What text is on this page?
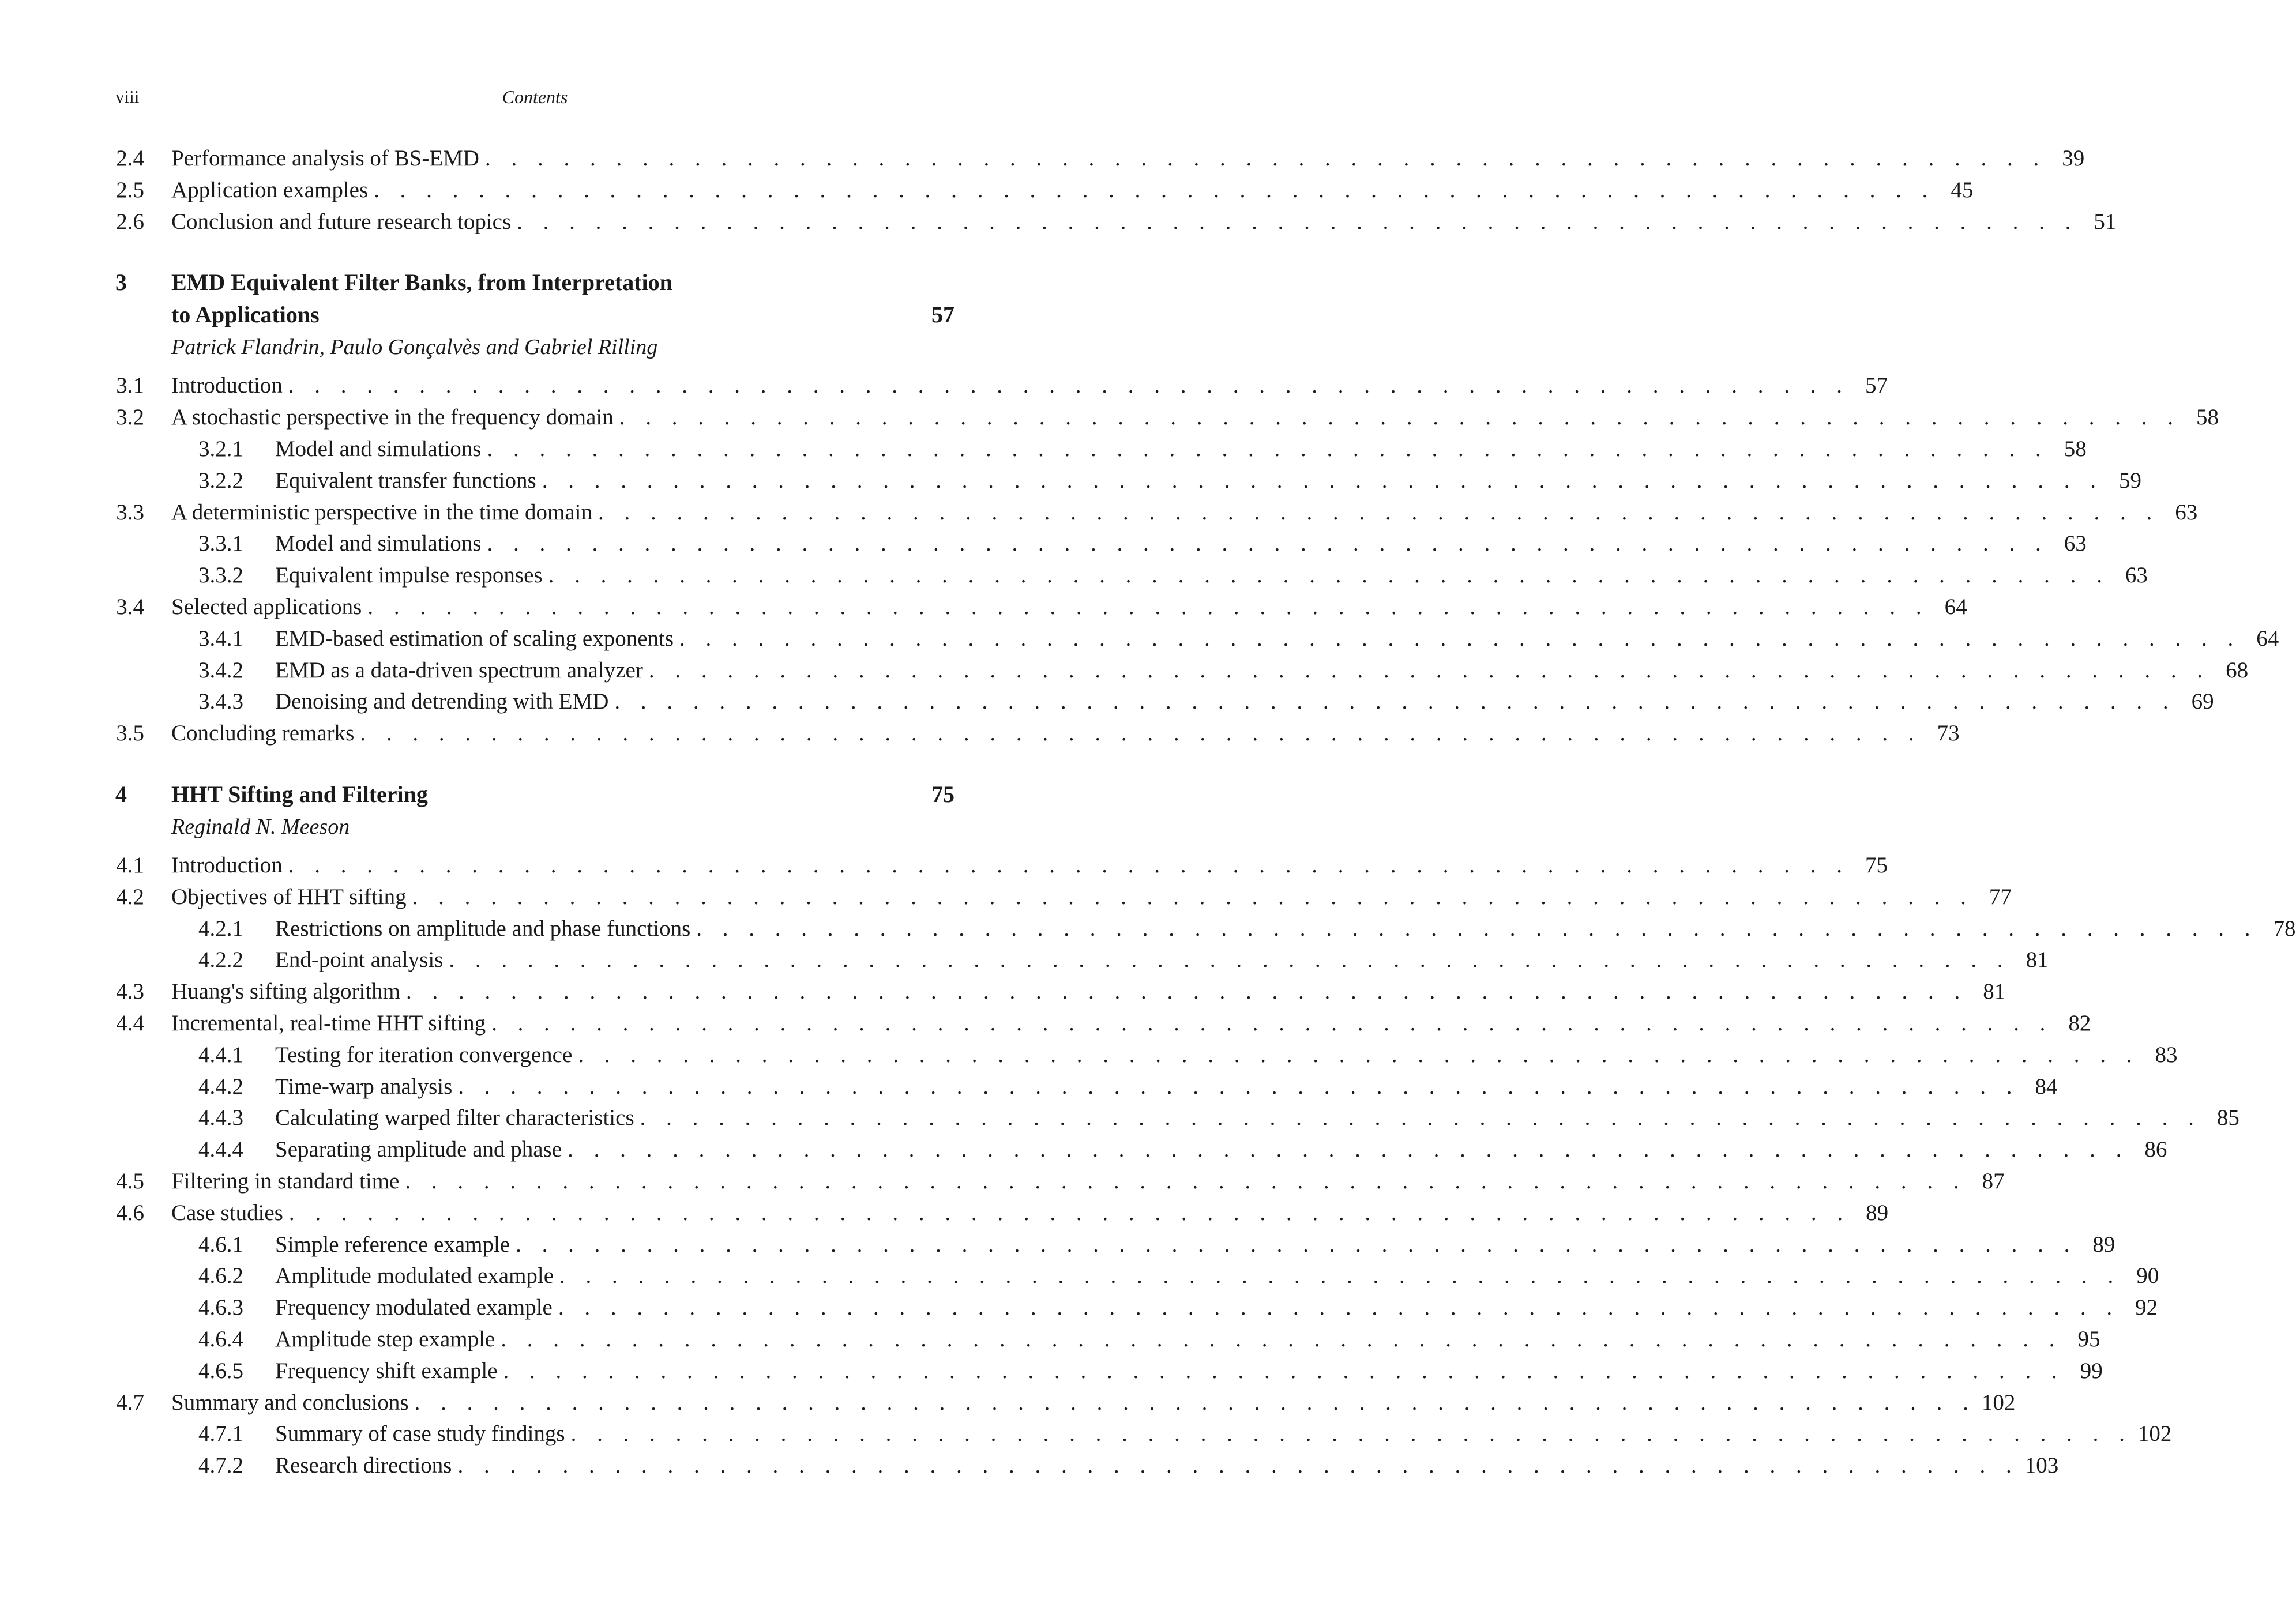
viii	Contents
2.4 Performance analysis of BS-EMD . . . . . . . . . . . . . . . . . . . . . . . . . . . . . . . . . . . . . . . . . . . . . . . . . . . . . . . . . . . . 39
2.5 Application examples . . . . . . . . . . . . . . . . . . . . . . . . . . . . . . . . . . . . . . . . . . . . . . . . . . . . . . . . . . . . 45
2.6 Conclusion and future research topics . . . . . . . . . . . . . . . . . . . . . . . . . . . . . . . . . . . . . . . . . . . . . . . . . . . . . . . . . . . . 51
3 EMD Equivalent Filter Banks, from Interpretation
to Applications	57
Patrick Flandrin, Paulo Gonçalvès and Gabriel Rilling
3.1 Introduction . . . . . . . . . . . . . . . . . . . . . . . . . . . . . . . . . . . . . . . . . . . . . . . . . . . . . . . . . . . . 57
3.2 A stochastic perspective in the frequency domain . . . . . . . . . . . . . . . . . . . . . . . . . . . . . . . . . . . . . . . . . . . . . . . . . . . . . . . . . . . . 58
3.2.1	Model and simulations . . . . . . . . . . . . . . . . . . . . . . . . . . . . . . . . . . . . . . . . . . . . . . . . . . . . . . . . . . . . 58
3.2.2	Equivalent transfer functions . . . . . . . . . . . . . . . . . . . . . . . . . . . . . . . . . . . . . . . . . . . . . . . . . . . . . . . . . . . . 59
3.3 A deterministic perspective in the time domain . . . . . . . . . . . . . . . . . . . . . . . . . . . . . . . . . . . . . . . . . . . . . . . . . . . . . . . . . . . . 63
3.3.1	Model and simulations . . . . . . . . . . . . . . . . . . . . . . . . . . . . . . . . . . . . . . . . . . . . . . . . . . . . . . . . . . . . 63
3.3.2	Equivalent impulse responses . . . . . . . . . . . . . . . . . . . . . . . . . . . . . . . . . . . . . . . . . . . . . . . . . . . . . . . . . . . . 63
3.4 Selected applications . . . . . . . . . . . . . . . . . . . . . . . . . . . . . . . . . . . . . . . . . . . . . . . . . . . . . . . . . . . . 64
3.4.1	EMD-based estimation of scaling exponents . . . . . . . . . . . . . . . . . . . . . . . . . . . . . . . . . . . . . . . . . . . . . . . . . . . . . . . . . . . . 64
3.4.2	EMD as a data-driven spectrum analyzer . . . . . . . . . . . . . . . . . . . . . . . . . . . . . . . . . . . . . . . . . . . . . . . . . . . . . . . . . . . . 68
3.4.3	Denoising and detrending with EMD . . . . . . . . . . . . . . . . . . . . . . . . . . . . . . . . . . . . . . . . . . . . . . . . . . . . . . . . . . . . 69
3.5 Concluding remarks . . . . . . . . . . . . . . . . . . . . . . . . . . . . . . . . . . . . . . . . . . . . . . . . . . . . . . . . . . . . 73
4 HHT Sifting and Filtering	75
Reginald N. Meeson
4.1 Introduction . . . . . . . . . . . . . . . . . . . . . . . . . . . . . . . . . . . . . . . . . . . . . . . . . . . . . . . . . . . . 75
4.2 Objectives of HHT sifting . . . . . . . . . . . . . . . . . . . . . . . . . . . . . . . . . . . . . . . . . . . . . . . . . . . . . . . . . . . . 77
4.2.1	Restrictions on amplitude and phase functions . . . . . . . . . . . . . . . . . . . . . . . . . . . . . . . . . . . . . . . . . . . . . . . . . . . . . . . . . . . . 78
4.2.2	End-point analysis . . . . . . . . . . . . . . . . . . . . . . . . . . . . . . . . . . . . . . . . . . . . . . . . . . . . . . . . . . . . 81
4.3 Huang's sifting algorithm . . . . . . . . . . . . . . . . . . . . . . . . . . . . . . . . . . . . . . . . . . . . . . . . . . . . . . . . . . . . 81
4.4 Incremental, real-time HHT sifting . . . . . . . . . . . . . . . . . . . . . . . . . . . . . . . . . . . . . . . . . . . . . . . . . . . . . . . . . . . . 82
4.4.1	Testing for iteration convergence . . . . . . . . . . . . . . . . . . . . . . . . . . . . . . . . . . . . . . . . . . . . . . . . . . . . . . . . . . . . 83
4.4.2	Time-warp analysis . . . . . . . . . . . . . . . . . . . . . . . . . . . . . . . . . . . . . . . . . . . . . . . . . . . . . . . . . . . . 84
4.4.3	Calculating warped filter characteristics . . . . . . . . . . . . . . . . . . . . . . . . . . . . . . . . . . . . . . . . . . . . . . . . . . . . . . . . . . . . 85
4.4.4	Separating amplitude and phase . . . . . . . . . . . . . . . . . . . . . . . . . . . . . . . . . . . . . . . . . . . . . . . . . . . . . . . . . . . . 86
4.5 Filtering in standard time . . . . . . . . . . . . . . . . . . . . . . . . . . . . . . . . . . . . . . . . . . . . . . . . . . . . . . . . . . . . 87
4.6 Case studies . . . . . . . . . . . . . . . . . . . . . . . . . . . . . . . . . . . . . . . . . . . . . . . . . . . . . . . . . . . . 89
4.6.1	Simple reference example . . . . . . . . . . . . . . . . . . . . . . . . . . . . . . . . . . . . . . . . . . . . . . . . . . . . . . . . . . . . 89
4.6.2	Amplitude modulated example . . . . . . . . . . . . . . . . . . . . . . . . . . . . . . . . . . . . . . . . . . . . . . . . . . . . . . . . . . . . 90
4.6.3	Frequency modulated example . . . . . . . . . . . . . . . . . . . . . . . . . . . . . . . . . . . . . . . . . . . . . . . . . . . . . . . . . . . . 92
4.6.4	Amplitude step example . . . . . . . . . . . . . . . . . . . . . . . . . . . . . . . . . . . . . . . . . . . . . . . . . . . . . . . . . . . . 95
4.6.5	Frequency shift example . . . . . . . . . . . . . . . . . . . . . . . . . . . . . . . . . . . . . . . . . . . . . . . . . . . . . . . . . . . . 99
4.7 Summary and conclusions . . . . . . . . . . . . . . . . . . . . . . . . . . . . . . . . . . . . . . . . . . . . . . . . . . . . . . . . . . . . 102
4.7.1	Summary of case study findings . . . . . . . . . . . . . . . . . . . . . . . . . . . . . . . . . . . . . . . . . . . . . . . . . . . . . . . . . . . . 102
4.7.2	Research directions . . . . . . . . . . . . . . . . . . . . . . . . . . . . . . . . . . . . . . . . . . . . . . . . . . . . . . . . . . . . 103
